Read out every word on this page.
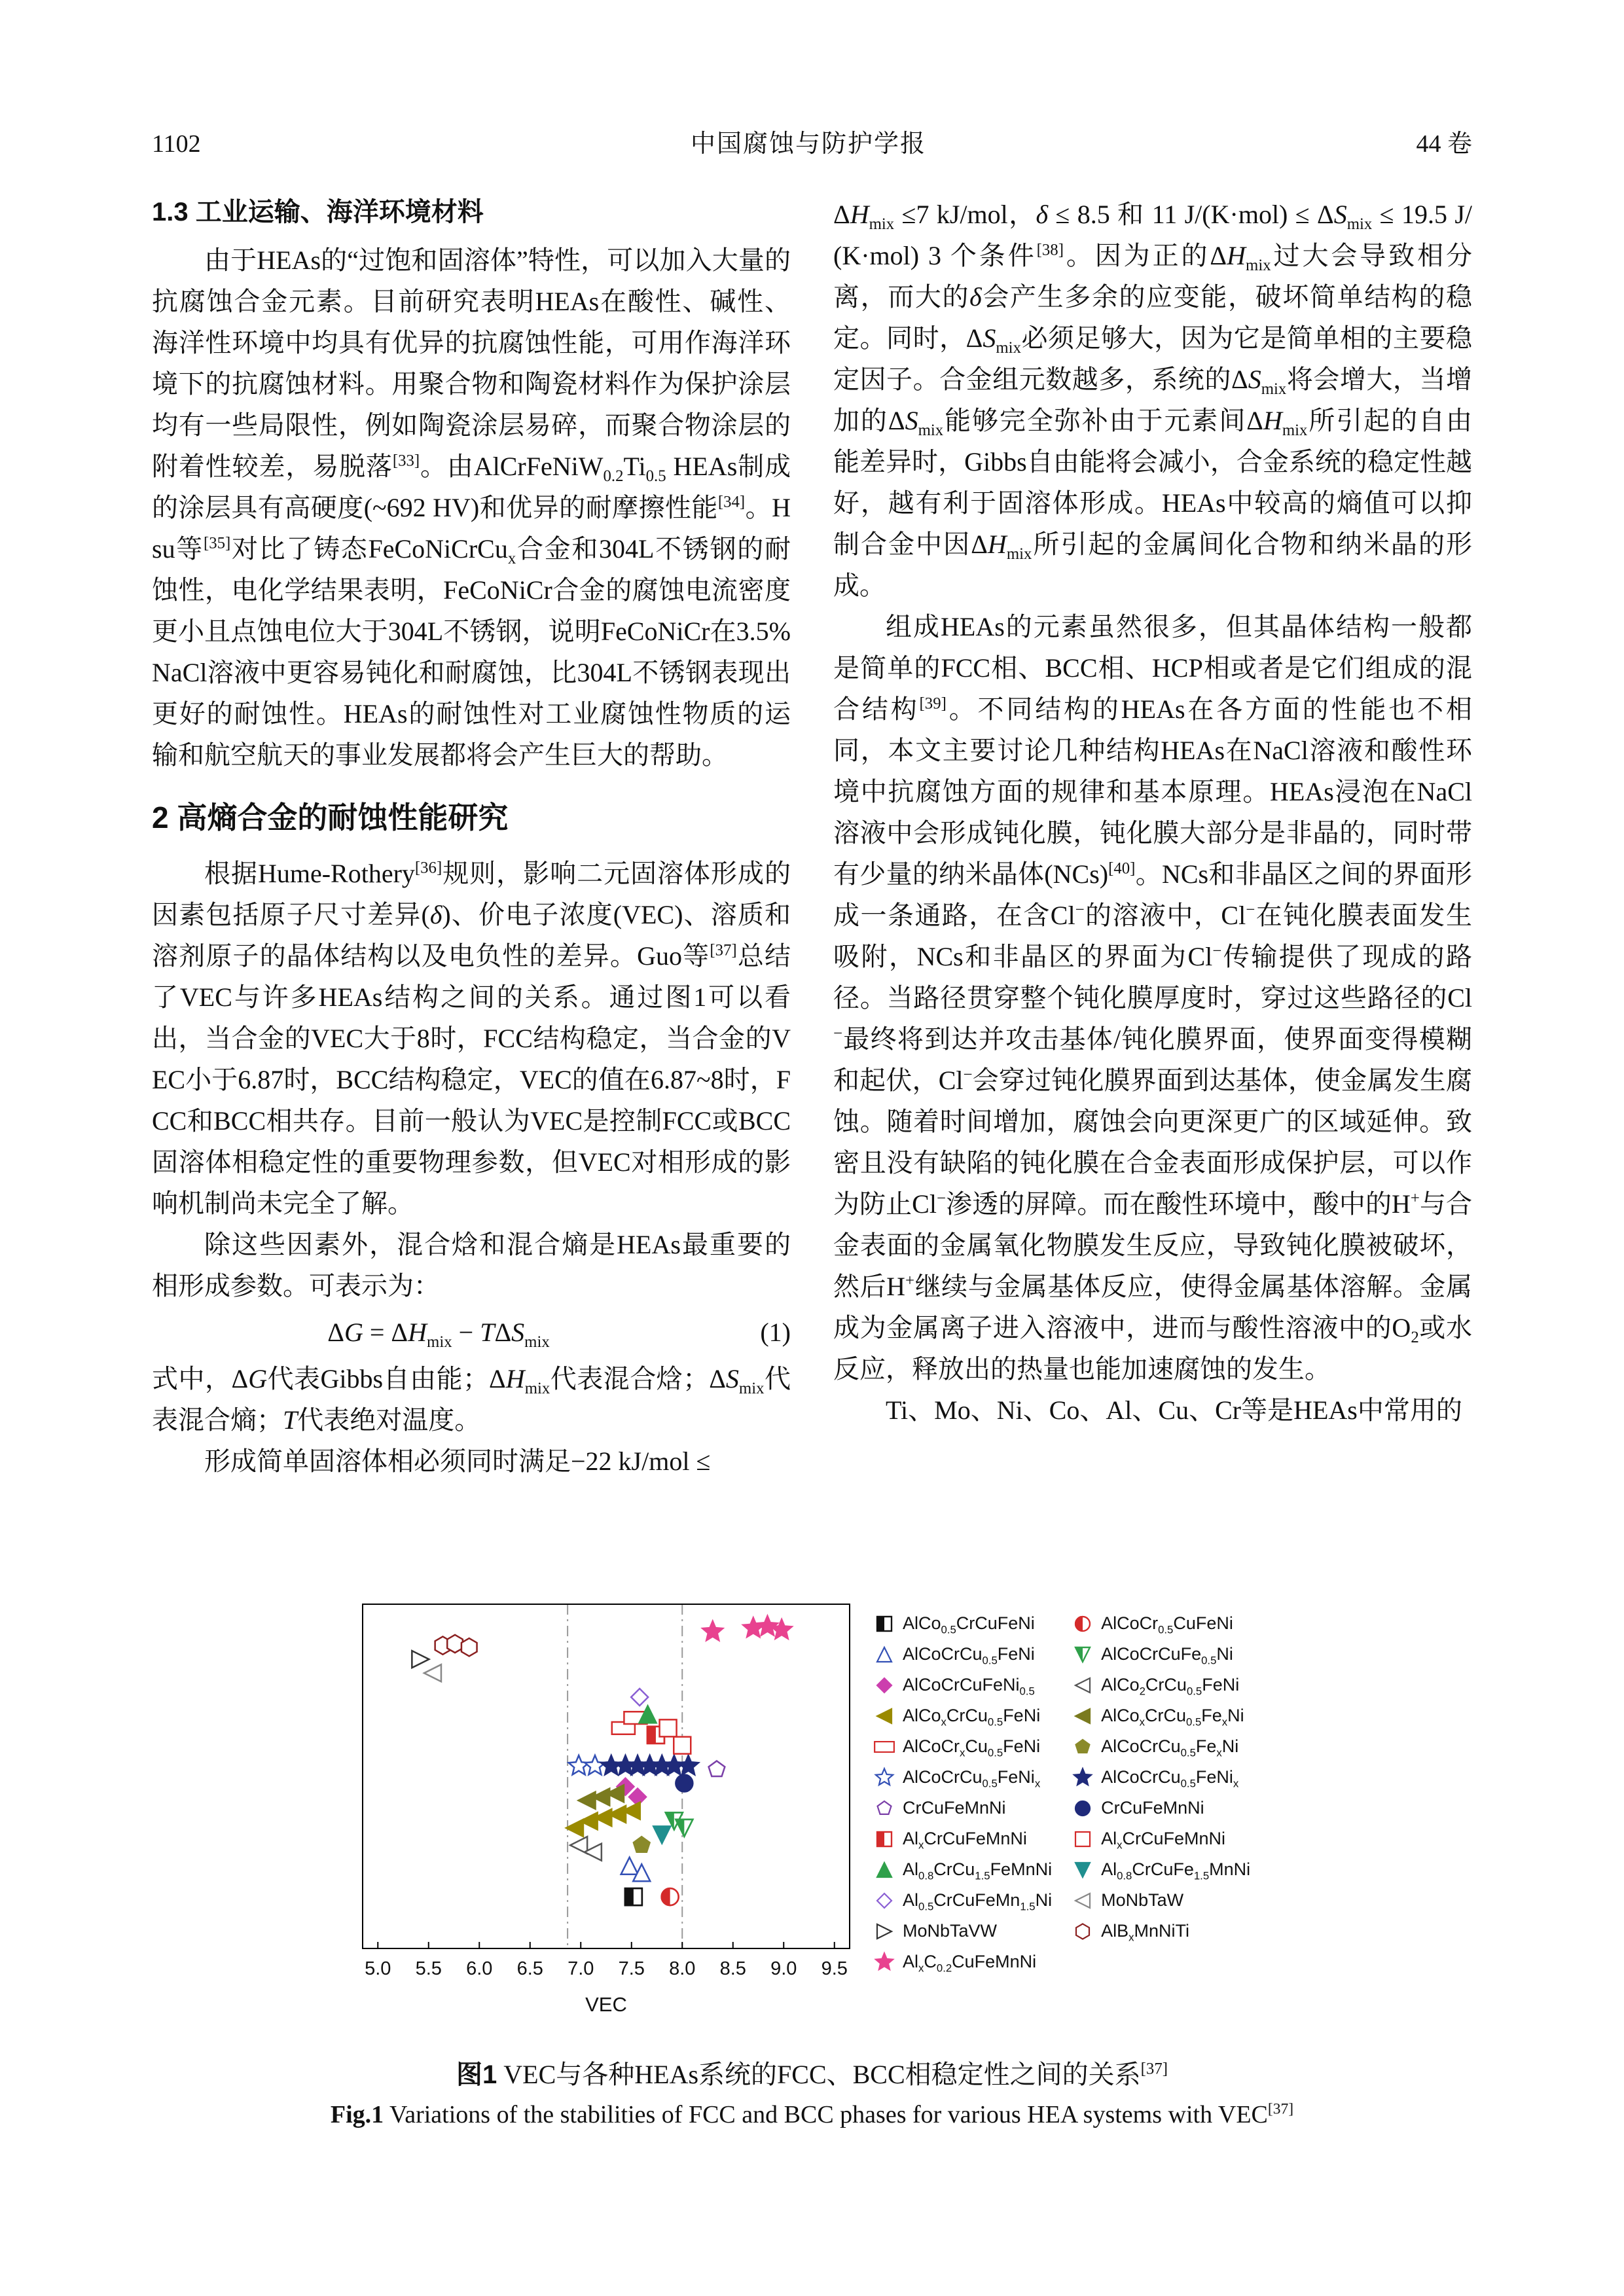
1102	中国腐蚀与防护学报	44 卷
1.3 工业运输、海洋环境材料

由于HEAs的“过饱和固溶体”特性，可以加入大量的抗腐蚀合金元素。目前研究表明HEAs在酸性、碱性、海洋性环境中均具有优异的抗腐蚀性能，可用作海洋环境下的抗腐蚀材料。用聚合物和陶瓷材料作为保护涂层均有一些局限性，例如陶瓷涂层易碎，而聚合物涂层的附着性较差，易脱落[33]。由$AlCrFeNiW_{0.2}Ti_{0.5}$ HEAs制成的涂层具有高硬度(~692 HV)和优异的耐摩擦性能[34]。Hsu等[35]对比了铸态FeCoNiCrCu$_x$合金和304L不锈钢的耐蚀性，电化学结果表明，FeCoNiCr合金的腐蚀电流密度更小且点蚀电位大于304L不锈钢，说明FeCoNiCr在3.5%NaCl溶液中更容易钝化和耐腐蚀，比304L不锈钢表现出更好的耐蚀性。HEAs的耐蚀性对工业腐蚀性物质的运输和航空航天的事业发展都将会产生巨大的帮助。

2 高熵合金的耐蚀性能研究

根据Hume-Rothery[36]规则，影响二元固溶体形成的因素包括原子尺寸差异(δ)、价电子浓度(VEC)、溶质和溶剂原子的晶体结构以及电负性的差异。Guo等[37]总结了VEC与许多HEAs结构之间的关系。通过图1可以看出，当合金的VEC大于8时，FCC结构稳定，当合金的VEC小于6.87时，BCC结构稳定，VEC的值在6.87~8时，FCC和BCC相共存。目前一般认为VEC是控制FCC或BCC固溶体相稳定性的重要物理参数，但VEC对相形成的影响机制尚未完全了解。

除这些因素外，混合焓和混合熵是HEAs最重要的相形成参数。可表示为：

$\Delta G = \Delta H_{mix} - T\Delta S_{mix}$	(1)

式中，ΔG代表Gibbs自由能；$\Delta H_{mix}$代表混合焓；$\Delta S_{mix}$代表混合熵；T代表绝对温度。

形成简单固溶体相必须同时满足−22 kJ/mol ≤

$\Delta H_{mix} \le 7$ kJ/mol，δ ≤ 8.5 和 11 $J/(K\cdot mol) \le \Delta S_{mix} \le 19.5$ J/(K·mol) 3 个条件[38]。因为正的$\Delta H_{mix}$过大会导致相分离，而大的δ会产生多余的应变能，破坏简单结构的稳定。同时，$\Delta S_{mix}$必须足够大，因为它是简单相的主要稳定因子。合金组元数越多，系统的$\Delta S_{mix}$将会增大，当增加的$\Delta S_{mix}$能够完全弥补由于元素间$\Delta H_{mix}$所引起的自由能差异时，Gibbs自由能将会减小，合金系统的稳定性越好，越有利于固溶体形成。HEAs中较高的熵值可以抑制合金中因$\Delta H_{mix}$所引起的金属间化合物和纳米晶的形成。

组成HEAs的元素虽然很多，但其晶体结构一般都是简单的FCC相、BCC相、HCP相或者是它们组成的混合结构[39]。不同结构的HEAs在各方面的性能也不相同，本文主要讨论几种结构HEAs在NaCl溶液和酸性环境中抗腐蚀方面的规律和基本原理。HEAs浸泡在NaCl溶液中会形成钝化膜，钝化膜大部分是非晶的，同时带有少量的纳米晶体(NCs)[40]。NCs和非晶区之间的界面形成一条通路，在含Cl−的溶液中，Cl−在钝化膜表面发生吸附，NCs和非晶区的界面为Cl−传输提供了现成的路径。当路径贯穿整个钝化膜厚度时，穿过这些路径的Cl−最终将到达并攻击基体/钝化膜界面，使界面变得模糊和起伏，Cl−会穿过钝化膜界面到达基体，使金属发生腐蚀。随着时间增加，腐蚀会向更深更广的区域延伸。致密且没有缺陷的钝化膜在合金表面形成保护层，可以作为防止Cl−渗透的屏障。而在酸性环境中，酸中的H+与合金表面的金属氧化物膜发生反应，导致钝化膜被破坏，然后H+继续与金属基体反应，使得金属基体溶解。金属成为金属离子进入溶液中，进而与酸性溶液中的$O_2$或水反应，释放出的热量也能加速腐蚀的发生。

Ti、Mo、Ni、Co、Al、Cu、Cr等是HEAs中常用的

5.0 5.5 6.0 6.5 7.0 7.5 8.0 8.5 9.0 9.5
VEC
AlCo$_{0.5}$CrCuFeNi
AlCoCrCu$_{0.5}$FeNi
AlCoCrCuFeNi$_{0.5}$
AlCo$_x$CrCu$_{0.5}$FeNi
$AlCoCr_xCu_{0.5}FeNi$
AlCoCrCu$_{0.5}$FeNi$_x$
CrCuFeMnNi
$Al_xCrCuFeMnNi$
$Al_{0.8}CrCu_{1.5}FeMnNi$
$Al_{0.5}CrCuFeMn_{1.5}Ni$
MoNbTaVW
$Al_xC_{0.2}CuFeMnNi$
AlCoCr$_{0.5}$CuFeNi
AlCoCrCuFe$_{0.5}$Ni
AlCo$_2$CrCu$_{0.5}$FeNi
$AlCo_xCrCu_{0.5}Fe_xNi$
$AlCoCrCu_{0.5}Fe_xNi$
AlCoCrCu$_{0.5}$FeNi$_x$
CrCuFeMnNi
$Al_xCrCuFeMnNi$
$Al_{0.8}CrCuFe_{1.5}MnNi$
MoNbTaW
AlB$_x$MnNiTi
图1 VEC与各种HEAs系统的FCC、BCC相稳定性之间的关系[37]
Fig.1 Variations of the stabilities of FCC and BCC phases for various HEA systems with VEC[37]
